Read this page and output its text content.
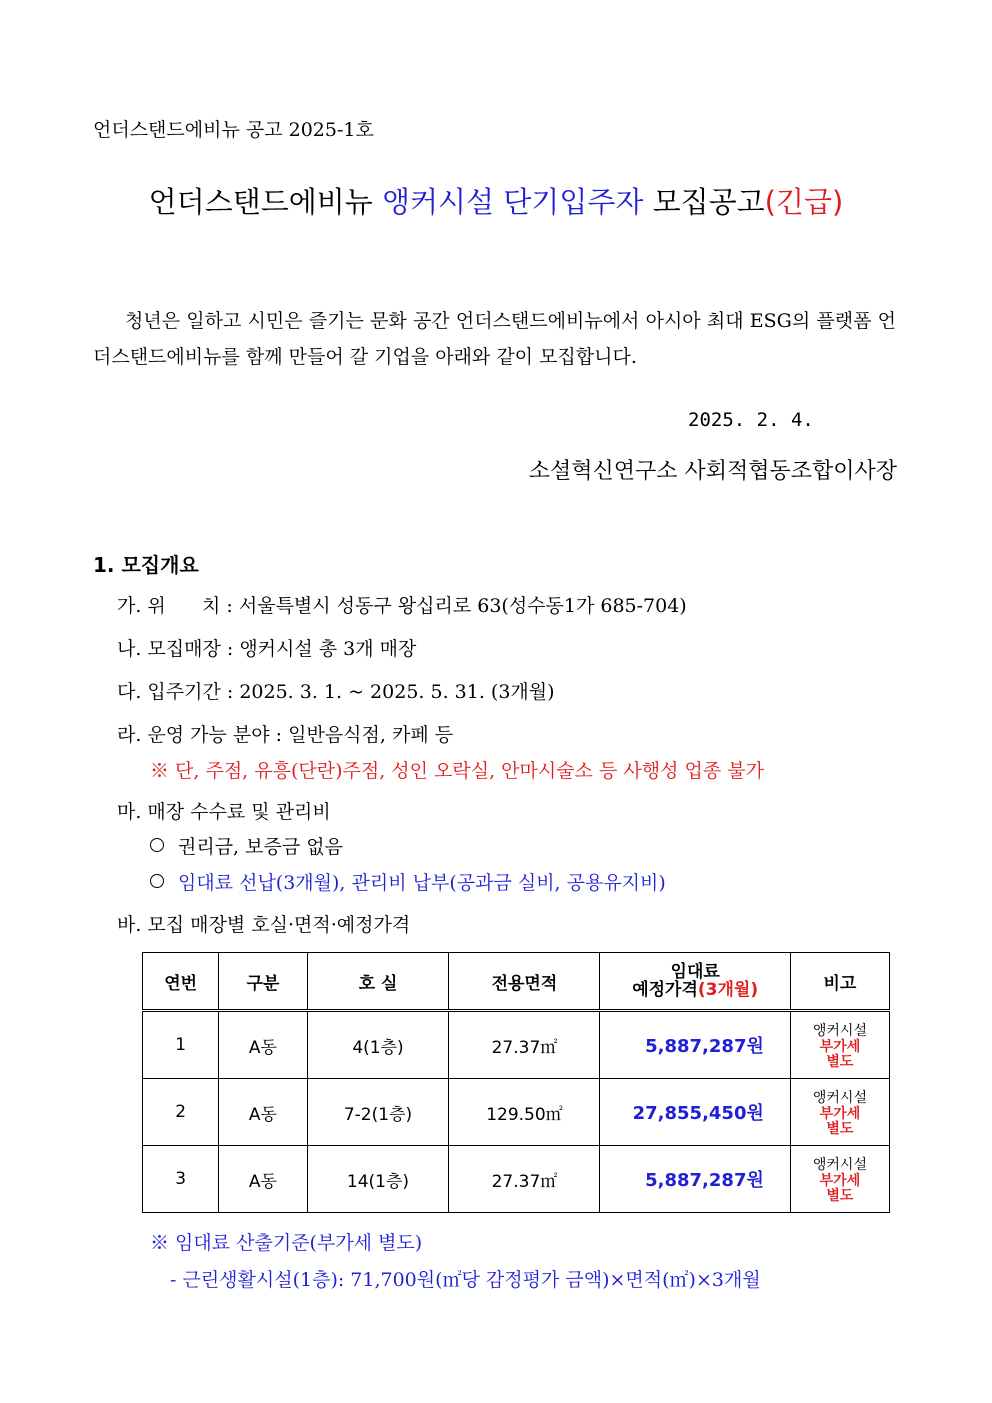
언더스탠드에비뉴 공고 2025-1호
언더스탠드에비뉴 앵커시설 단기입주자 모집공고(긴급)
청년은 일하고 시민은 즐기는 문화 공간 언더스탠드에비뉴에서 아시아 최대 ESG의 플랫폼 언더스탠드에비뉴를 함께 만들어 갈 기업을 아래와 같이 모집합니다.
2025. 2. 4.
소셜혁신연구소 사회적협동조합이사장
1. 모집개요
가. 위      치 : 서울특별시 성동구 왕십리로 63(성수동1가 685-704)
나. 모집매장 : 앵커시설 총 3개 매장
다. 입주기간 : 2025. 3. 1. ~ 2025. 5. 31. (3개월)
라. 운영 가능 분야 : 일반음식점, 카페 등
※ 단, 주점, 유흥(단란)주점, 성인 오락실, 안마시술소 등 사행성 업종 불가
마. 매장 수수료 및 관리비
권리금, 보증금 없음
임대료 선납(3개월), 관리비 납부(공과금 실비, 공용유지비)
바. 모집 매장별 호실·면적·예정가격
연번	구분	호 실	전용면적	임대료
예정가격(3개월)	비고
1	A동	4(1층)	27.37㎡	5,887,287원	앵커시설
부가세
별도

2	A동	7-2(1층)	129.50㎡	27,855,450원	앵커시설
부가세
별도

3	A동	14(1층)	27.37㎡	5,887,287원	앵커시설
부가세
별도
※ 임대료 산출기준(부가세 별도)
- 근린생활시설(1층): 71,700원(㎡당 감정평가 금액)×면적(㎡)×3개월
